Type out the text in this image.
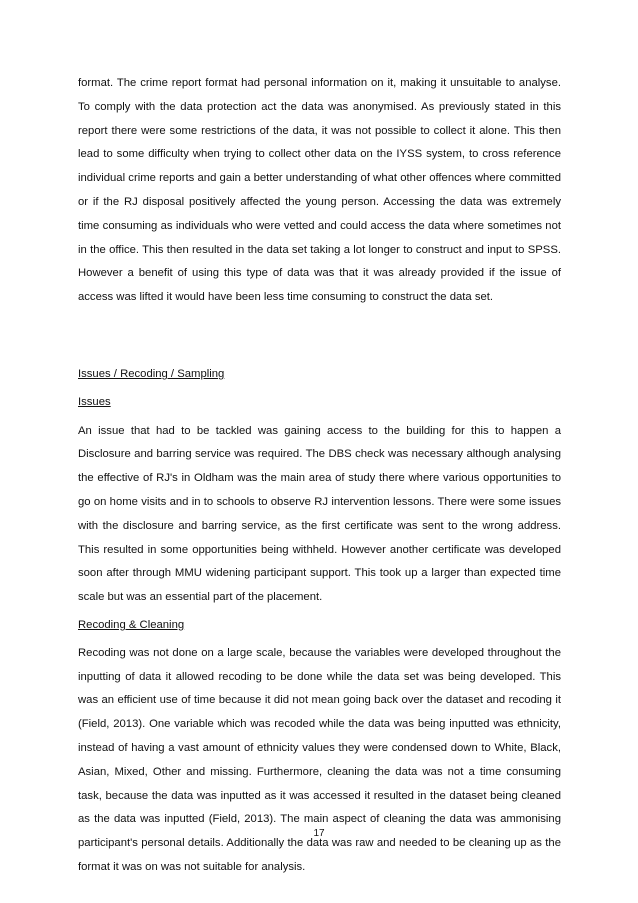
format. The crime report format had personal information on it, making it unsuitable to analyse. To comply with the data protection act the data was anonymised. As previously stated in this report there were some restrictions of the data, it was not possible to collect it alone. This then lead to some difficulty when trying to collect other data on the IYSS system, to cross reference individual crime reports and gain a better understanding of what other offences where committed or if the RJ disposal positively affected the young person. Accessing the data was extremely time consuming as individuals who were vetted and could access the data where sometimes not in the office. This then resulted in the data set taking a lot longer to construct and input to SPSS. However a benefit of using this type of data was that it was already provided if the issue of access was lifted it would have been less time consuming to construct the data set.

Issues / Recoding / Sampling

Issues

An issue that had to be tackled was gaining access to the building for this to happen a Disclosure and barring service was required. The DBS check was necessary although analysing the effective of RJ's in Oldham was the main area of study there where various opportunities to go on home visits and in to schools to observe RJ intervention lessons. There were some issues with the disclosure and barring service, as the first certificate was sent to the wrong address. This resulted in some opportunities being withheld. However another certificate was developed soon after through MMU widening participant support. This took up a larger than expected time scale but was an essential part of the placement.

Recoding & Cleaning

Recoding was not done on a large scale, because the variables were developed throughout the inputting of data it allowed recoding to be done while the data set was being developed. This was an efficient use of time because it did not mean going back over the dataset and recoding it (Field, 2013). One variable which was recoded while the data was being inputted was ethnicity, instead of having a vast amount of ethnicity values they were condensed down to White, Black, Asian, Mixed, Other and missing. Furthermore, cleaning the data was not a time consuming task, because the data was inputted as it was accessed it resulted in the dataset being cleaned as the data was inputted (Field, 2013). The main aspect of cleaning the data was ammonising participant's personal details. Additionally the data was raw and needed to be cleaning up as the format it was on was not suitable for analysis.

17
